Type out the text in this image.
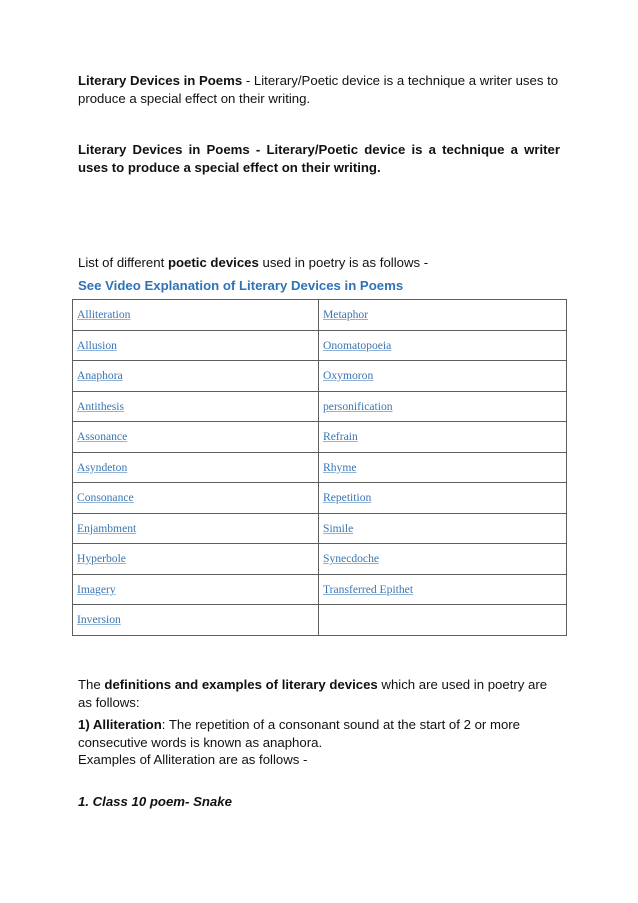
Literary Devices in Poems - Literary/Poetic device is a technique a writer uses to produce a special effect on their writing.

Literary Devices in Poems - Literary/Poetic device is a technique a writer uses to produce a special effect on their writing.

List of different poetic devices used in poetry is as follows -

See Video Explanation of Literary Devices in Poems

Alliteration	Metaphor
Allusion	Onomatopoeia
Anaphora	Oxymoron
Antithesis	personification
Assonance	Refrain
Asyndeton	Rhyme
Consonance	Repetition
Enjambment	Simile
Hyperbole	Synecdoche
Imagery	Transferred Epithet
Inversion	

The definitions and examples of literary devices which are used in poetry are as follows:

1) Alliteration: The repetition of a consonant sound at the start of 2 or more consecutive words is known as anaphora.
Examples of Alliteration are as follows -

1. Class 10 poem- Snake
